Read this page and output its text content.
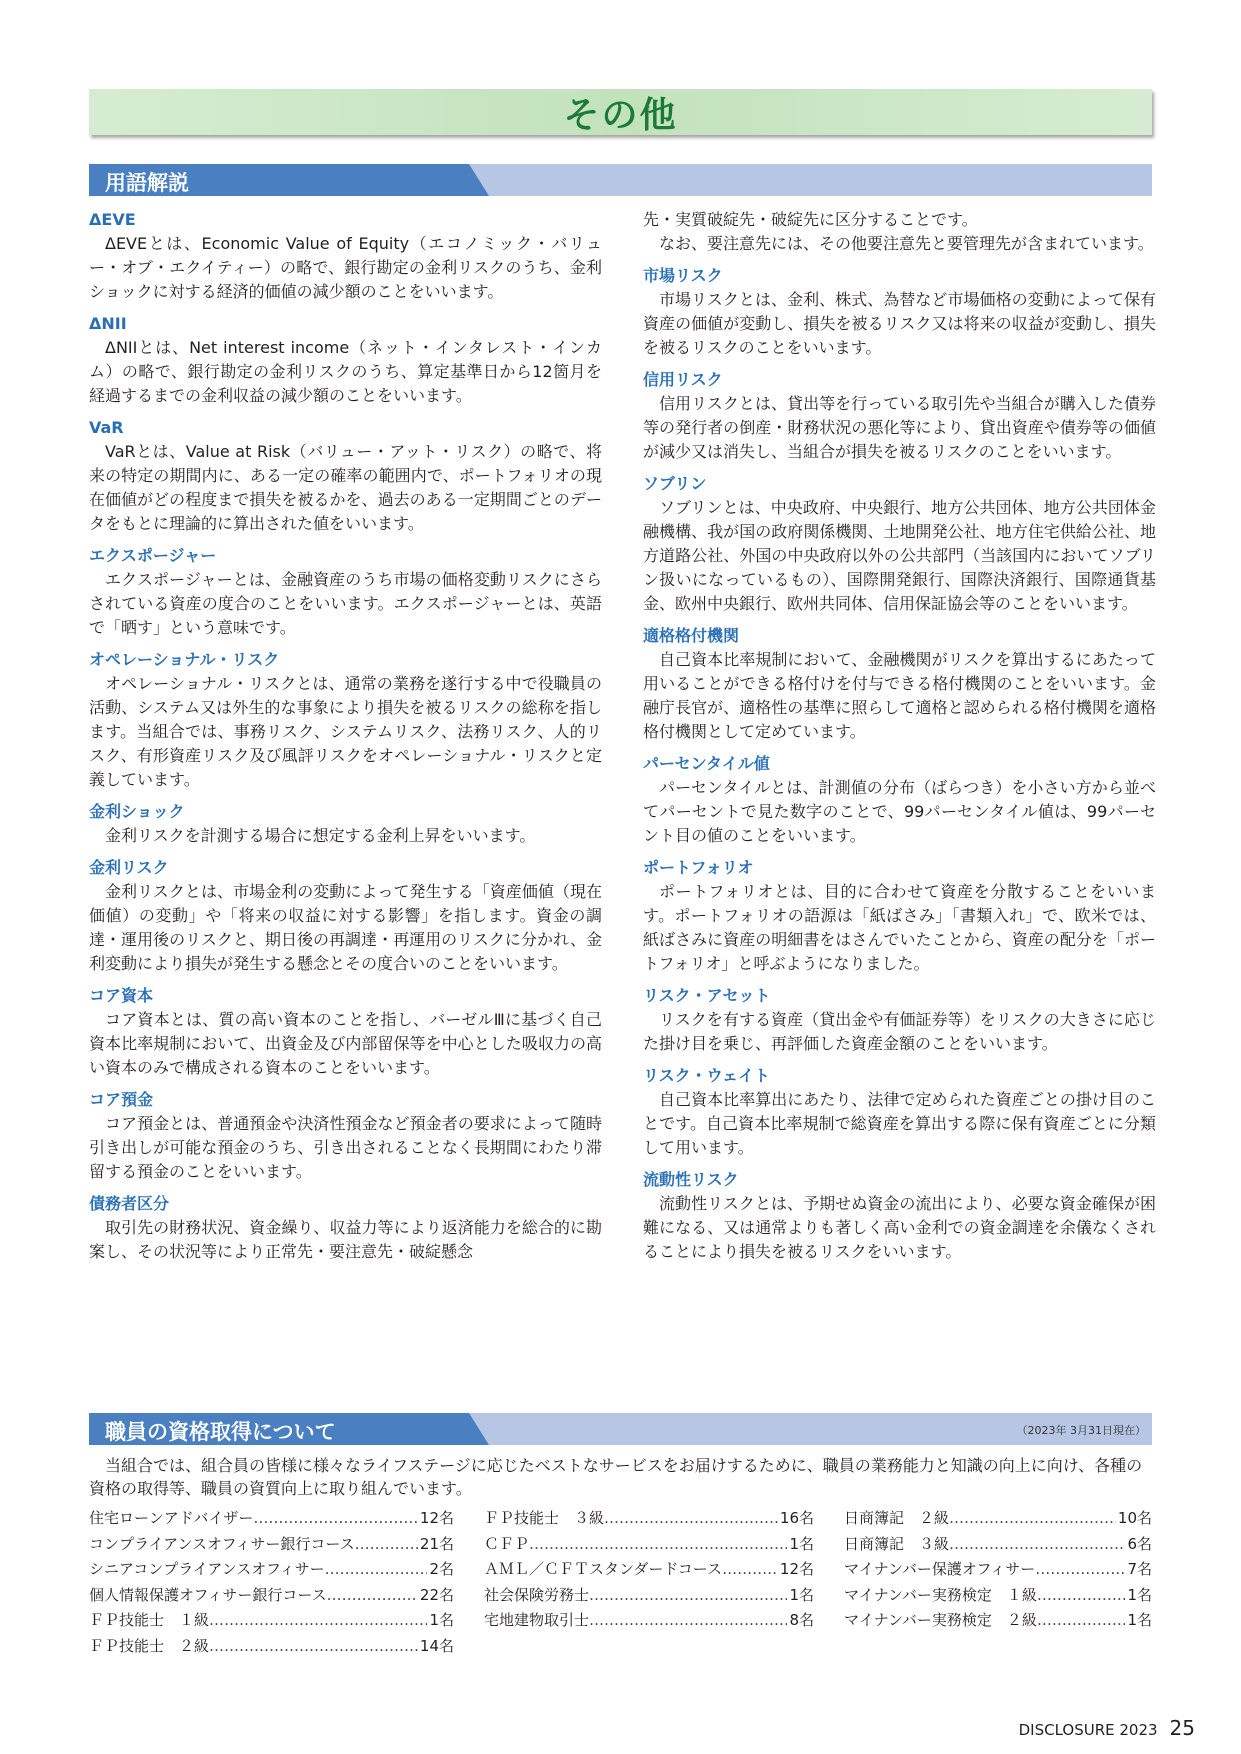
その他
用語解説
ΔEVE

ΔEVEとは、Economic Value of Equity（エコノミック・バリュー・オブ・エクイティー）の略で、銀行勘定の金利リスクのうち、金利ショックに対する経済的価値の減少額のことをいいます。

ΔNII

ΔNIIとは、Net interest income（ネット・インタレスト・インカム）の略で、銀行勘定の金利リスクのうち、算定基準日から12箇月を経過するまでの金利収益の減少額のことをいいます。

VaR

VaRとは、Value at Risk（バリュー・アット・リスク）の略で、将来の特定の期間内に、ある一定の確率の範囲内で、ポートフォリオの現在価値がどの程度まで損失を被るかを、過去のある一定期間ごとのデータをもとに理論的に算出された値をいいます。

エクスポージャー

エクスポージャーとは、金融資産のうち市場の価格変動リスクにさらされている資産の度合のことをいいます。エクスポージャーとは、英語で「晒す」という意味です。

オペレーショナル・リスク

オペレーショナル・リスクとは、通常の業務を遂行する中で役職員の活動、システム又は外生的な事象により損失を被るリスクの総称を指します。当組合では、事務リスク、システムリスク、法務リスク、人的リスク、有形資産リスク及び風評リスクをオペレーショナル・リスクと定義しています。

金利ショック

金利リスクを計測する場合に想定する金利上昇をいいます。

金利リスク

金利リスクとは、市場金利の変動によって発生する「資産価値（現在価値）の変動」や「将来の収益に対する影響」を指します。資金の調達・運用後のリスクと、期日後の再調達・再運用のリスクに分かれ、金利変動により損失が発生する懸念とその度合いのことをいいます。

コア資本

コア資本とは、質の高い資本のことを指し、バーゼルⅢに基づく自己資本比率規制において、出資金及び内部留保等を中心とした吸収力の高い資本のみで構成される資本のことをいいます。

コア預金

コア預金とは、普通預金や決済性預金など預金者の要求によって随時引き出しが可能な預金のうち、引き出されることなく長期間にわたり滞留する預金のことをいいます。

債務者区分

取引先の財務状況、資金繰り、収益力等により返済能力を総合的に勘案し、その状況等により正常先・要注意先・破綻懸念

先・実質破綻先・破綻先に区分することです。

なお、要注意先には、その他要注意先と要管理先が含まれています。

市場リスク

市場リスクとは、金利、株式、為替など市場価格の変動によって保有資産の価値が変動し、損失を被るリスク又は将来の収益が変動し、損失を被るリスクのことをいいます。

信用リスク

信用リスクとは、貸出等を行っている取引先や当組合が購入した債券等の発行者の倒産・財務状況の悪化等により、貸出資産や債券等の価値が減少又は消失し、当組合が損失を被るリスクのことをいいます。

ソブリン

ソブリンとは、中央政府、中央銀行、地方公共団体、地方公共団体金融機構、我が国の政府関係機関、土地開発公社、地方住宅供給公社、地方道路公社、外国の中央政府以外の公共部門（当該国内においてソブリン扱いになっているもの）、国際開発銀行、国際決済銀行、国際通貨基金、欧州中央銀行、欧州共同体、信用保証協会等のことをいいます。

適格格付機関

自己資本比率規制において、金融機関がリスクを算出するにあたって用いることができる格付けを付与できる格付機関のことをいいます。金融庁長官が、適格性の基準に照らして適格と認められる格付機関を適格格付機関として定めています。

パーセンタイル値

パーセンタイルとは、計測値の分布（ばらつき）を小さい方から並べてパーセントで見た数字のことで、99パーセンタイル値は、99パーセント目の値のことをいいます。

ポートフォリオ

ポートフォリオとは、目的に合わせて資産を分散することをいいます。ポートフォリオの語源は「紙ばさみ」「書類入れ」で、欧米では、紙ばさみに資産の明細書をはさんでいたことから、資産の配分を「ポートフォリオ」と呼ぶようになりました。

リスク・アセット

リスクを有する資産（貸出金や有価証券等）をリスクの大きさに応じた掛け目を乗じ、再評価した資産金額のことをいいます。

リスク・ウェイト

自己資本比率算出にあたり、法律で定められた資産ごとの掛け目のことです。自己資本比率規制で総資産を算出する際に保有資産ごとに分類して用います。

流動性リスク

流動性リスクとは、予期せぬ資金の流出により、必要な資金確保が困難になる、又は通常よりも著しく高い金利での資金調達を余儀なくされることにより損失を被るリスクをいいます。

職員の資格取得について	（2023年 3月31日現在）

当組合では、組合員の皆様に様々なライフステージに応じたベストなサービスをお届けするために、職員の業務能力と知識の向上に向け、各種の資格の取得等、職員の資質向上に取り組んでいます。

住宅ローンアドバイザー …………………………………………………………………………………………………	12名
コンプライアンスオフィサー銀行コース …………………………………………………………………………………………………	21名
シニアコンプライアンスオフィサー …………………………………………………………………………………………………	2名
個人情報保護オフィサー銀行コース …………………………………………………………………………………………………	22名
ＦＰ技能士　１級 …………………………………………………………………………………………………	1名
ＦＰ技能士　２級 …………………………………………………………………………………………………	14名
ＦＰ技能士　３級 …………………………………………………………………………………………………	16名
ＣＦＰ …………………………………………………………………………………………………	1名
ＡＭＬ／ＣＦＴスタンダードコース …………………………………………………………………………………………………	12名
社会保険労務士 …………………………………………………………………………………………………	1名
宅地建物取引士 …………………………………………………………………………………………………	8名
日商簿記　２級 …………………………………………………………………………………………………	10名
日商簿記　３級 …………………………………………………………………………………………………	6名
マイナンバー保護オフィサー …………………………………………………………………………………………………	7名
マイナンバー実務検定　１級 …………………………………………………………………………………………………	1名
マイナンバー実務検定　２級 …………………………………………………………………………………………………	1名
DISCLOSURE 2023 25
